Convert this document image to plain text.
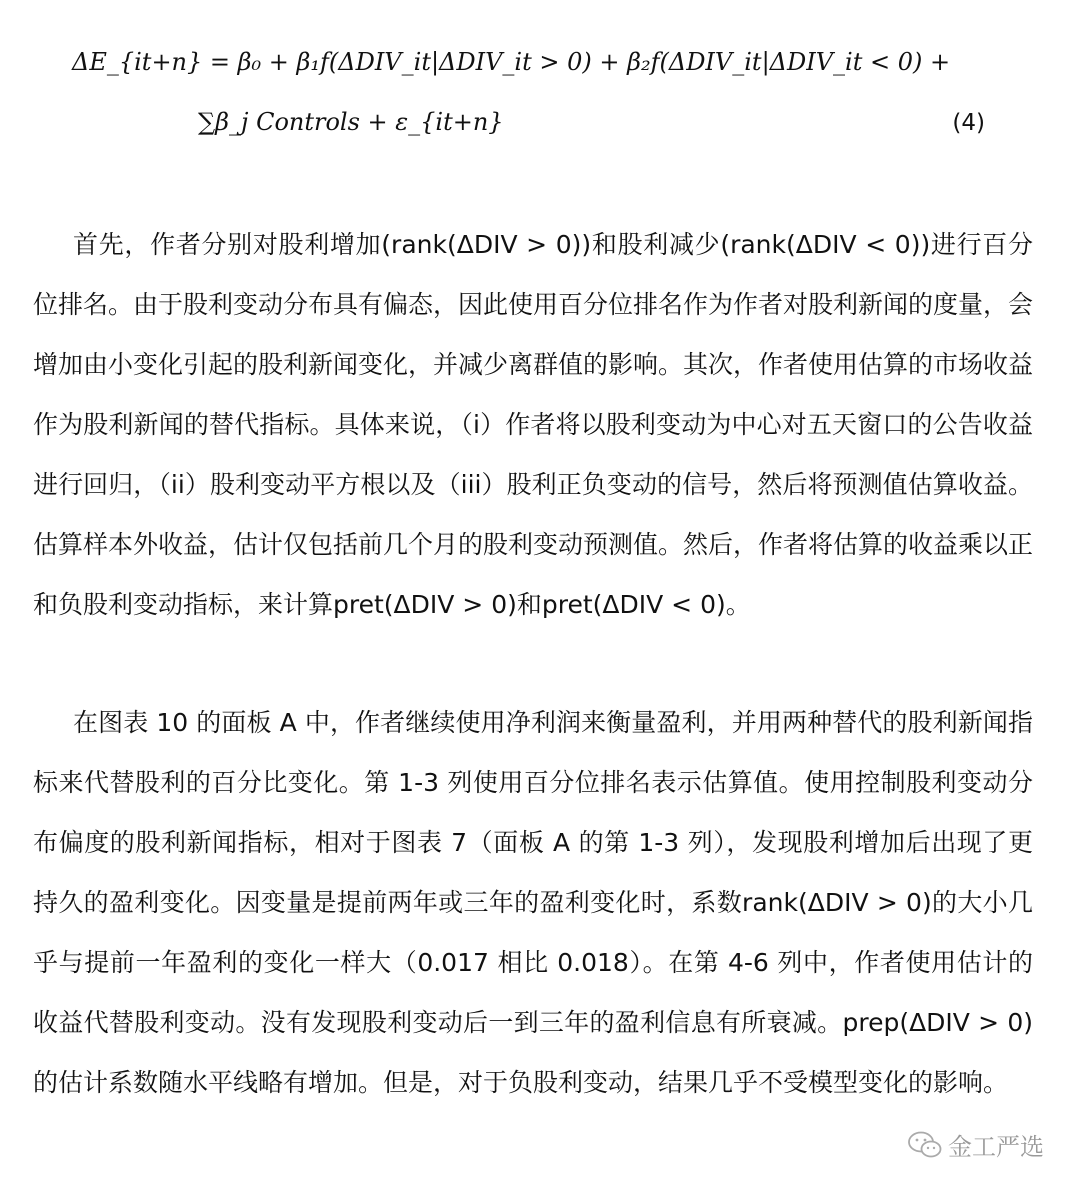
ΔE_{it+n} = β₀ + β₁f(ΔDIV_it|ΔDIV_it > 0) + β₂f(ΔDIV_it|ΔDIV_it < 0) +
∑β_j Controls + ε_{it+n}	(4)

首先，作者分别对股利增加(rank(ΔDIV > 0))和股利减少(rank(ΔDIV < 0))进行百分位排名。由于股利变动分布具有偏态，因此使用百分位排名作为作者对股利新闻的度量，会增加由小变化引起的股利新闻变化，并减少离群值的影响。其次，作者使用估算的市场收益作为股利新闻的替代指标。具体来说，（i）作者将以股利变动为中心对五天窗口的公告收益进行回归，（ii）股利变动平方根以及（iii）股利正负变动的信号，然后将预测值估算收益。估算样本外收益，估计仅包括前几个月的股利变动预测值。然后，作者将估算的收益乘以正和负股利变动指标，来计算pret(ΔDIV > 0)和pret(ΔDIV < 0)。

在图表 10 的面板 A 中，作者继续使用净利润来衡量盈利，并用两种替代的股利新闻指标来代替股利的百分比变化。第 1-3 列使用百分位排名表示估算值。使用控制股利变动分布偏度的股利新闻指标，相对于图表 7（面板 A 的第 1-3 列），发现股利增加后出现了更持久的盈利变化。因变量是提前两年或三年的盈利变化时，系数rank(ΔDIV > 0)的大小几乎与提前一年盈利的变化一样大（0.017 相比 0.018）。在第 4-6 列中，作者使用估计的收益代替股利变动。没有发现股利变动后一到三年的盈利信息有所衰减。prep(ΔDIV > 0)的估计系数随水平线略有增加。但是，对于负股利变动，结果几乎不受模型变化的影响。

金工严选
